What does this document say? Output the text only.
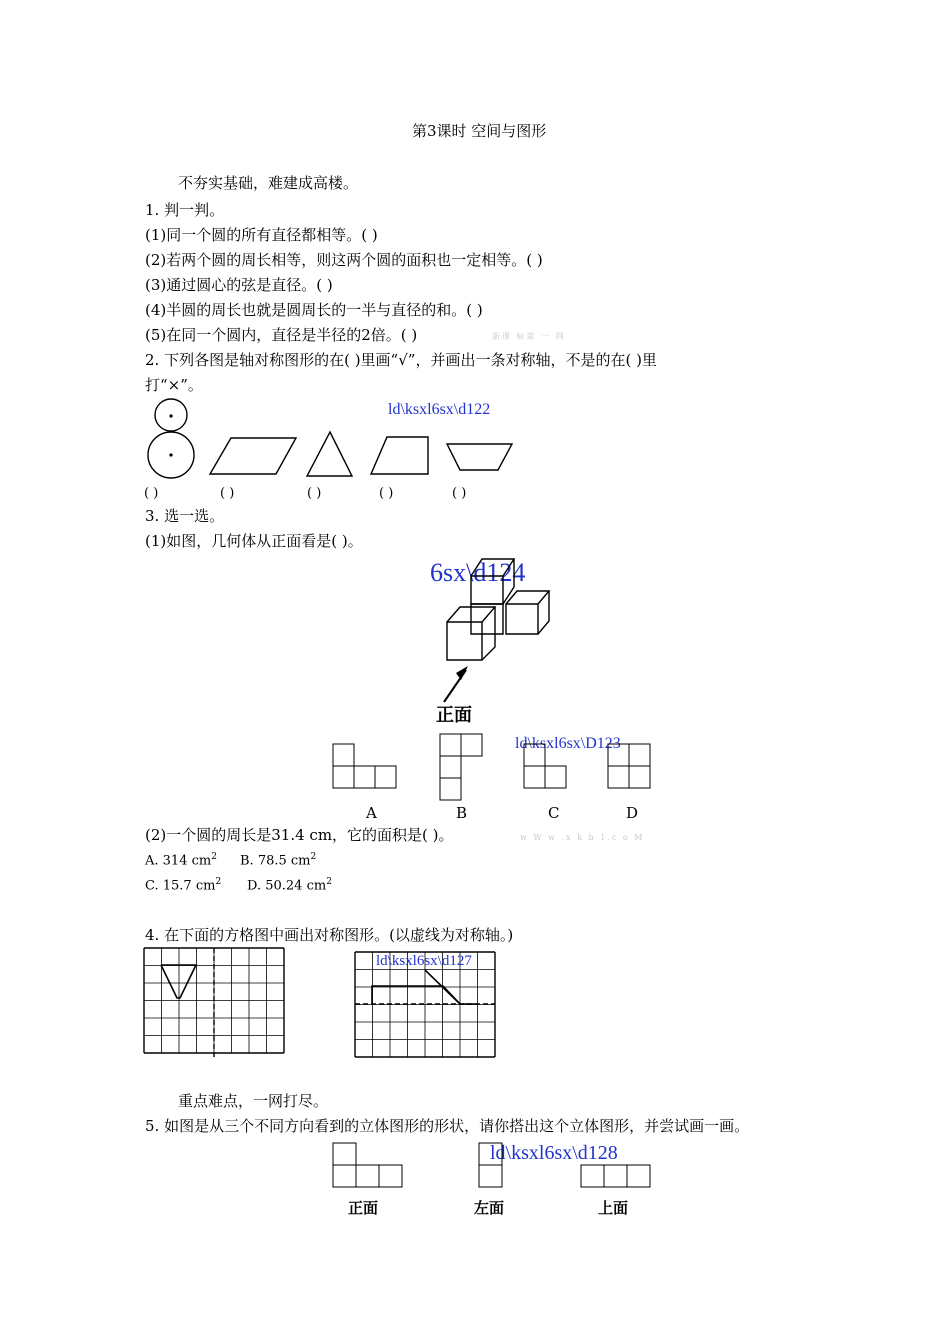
第3课时 空间与图形
不夯实基础，难建成高楼。
1. 判一判。
(1)同一个圆的所有直径都相等。( )
(2)若两个圆的周长相等，则这两个圆的面积也一定相等。( )
(3)通过圆心的弦是直径。( )
(4)半圆的周长也就是圆周长的一半与直径的和。( )
(5)在同一个圆内，直径是半径的2倍。( )	新课 标第 一 网
2. 下列各图是轴对称图形的在( )里画“√”，并画出一条对称轴，不是的在( )里
打“×”。
ld\ksxl6sx\d122
( )	( )	( )	( )	( )
3. 选一选。
(1)如图，几何体从正面看是( )。
6sx\d124
正面
ld\ksxl6sx\D123
A	B	C	D
(2)一个圆的周长是31.4 cm，它的面积是( )。	w W w .x k b 1.c o M
A. 314 $cm^2$ B. 78.5 $cm^2$
C. 15.7 $cm^2$ D. 50.24 $cm^2$
4. 在下面的方格图中画出对称图形。(以虚线为对称轴。)
ld\ksxl6sx\d127
重点难点，一网打尽。
5. 如图是从三个不同方向看到的立体图形的形状，请你搭出这个立体图形，并尝试画一画。
ld\ksxl6sx\d128
正面	左面	上面
